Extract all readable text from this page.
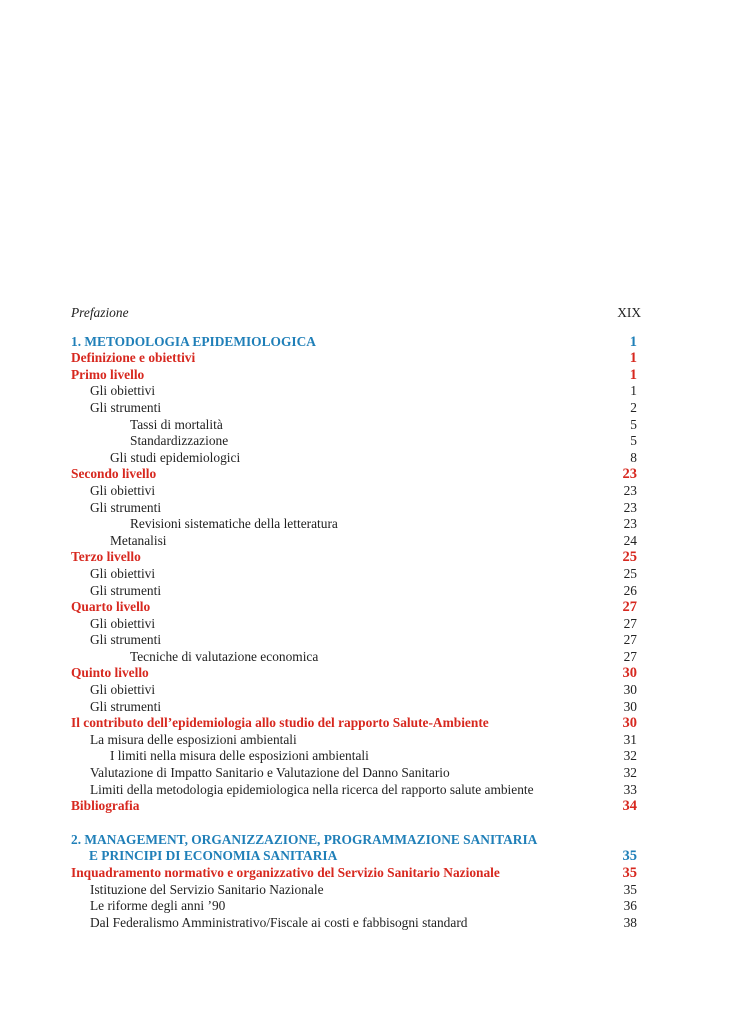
Prefazione	XIX
1. METODOLOGIA EPIDEMIOLOGICA	1
Definizione e obiettivi	1
Primo livello	1
Gli obiettivi	1
Gli strumenti	2
Tassi di mortalità	5
Standardizzazione	5
Gli studi epidemiologici	8
Secondo livello	23
Gli obiettivi	23
Gli strumenti	23
Revisioni sistematiche della letteratura	23
Metanalisi	24
Terzo livello	25
Gli obiettivi	25
Gli strumenti	26
Quarto livello	27
Gli obiettivi	27
Gli strumenti	27
Tecniche di valutazione economica	27
Quinto livello	30
Gli obiettivi	30
Gli strumenti	30
Il contributo dell’epidemiologia allo studio del rapporto Salute-Ambiente	30
La misura delle esposizioni ambientali	31
I limiti nella misura delle esposizioni ambientali	32
Valutazione di Impatto Sanitario e Valutazione del Danno Sanitario	32
Limiti della metodologia epidemiologica nella ricerca del rapporto salute ambiente	33
Bibliografia	34
2. MANAGEMENT, ORGANIZZAZIONE, PROGRAMMAZIONE SANITARIA
E PRINCIPI DI ECONOMIA SANITARIA	35
Inquadramento normativo e organizzativo del Servizio Sanitario Nazionale	35
Istituzione del Servizio Sanitario Nazionale	35
Le riforme degli anni ’90	36
Dal Federalismo Amministrativo/Fiscale ai costi e fabbisogni standard	38
